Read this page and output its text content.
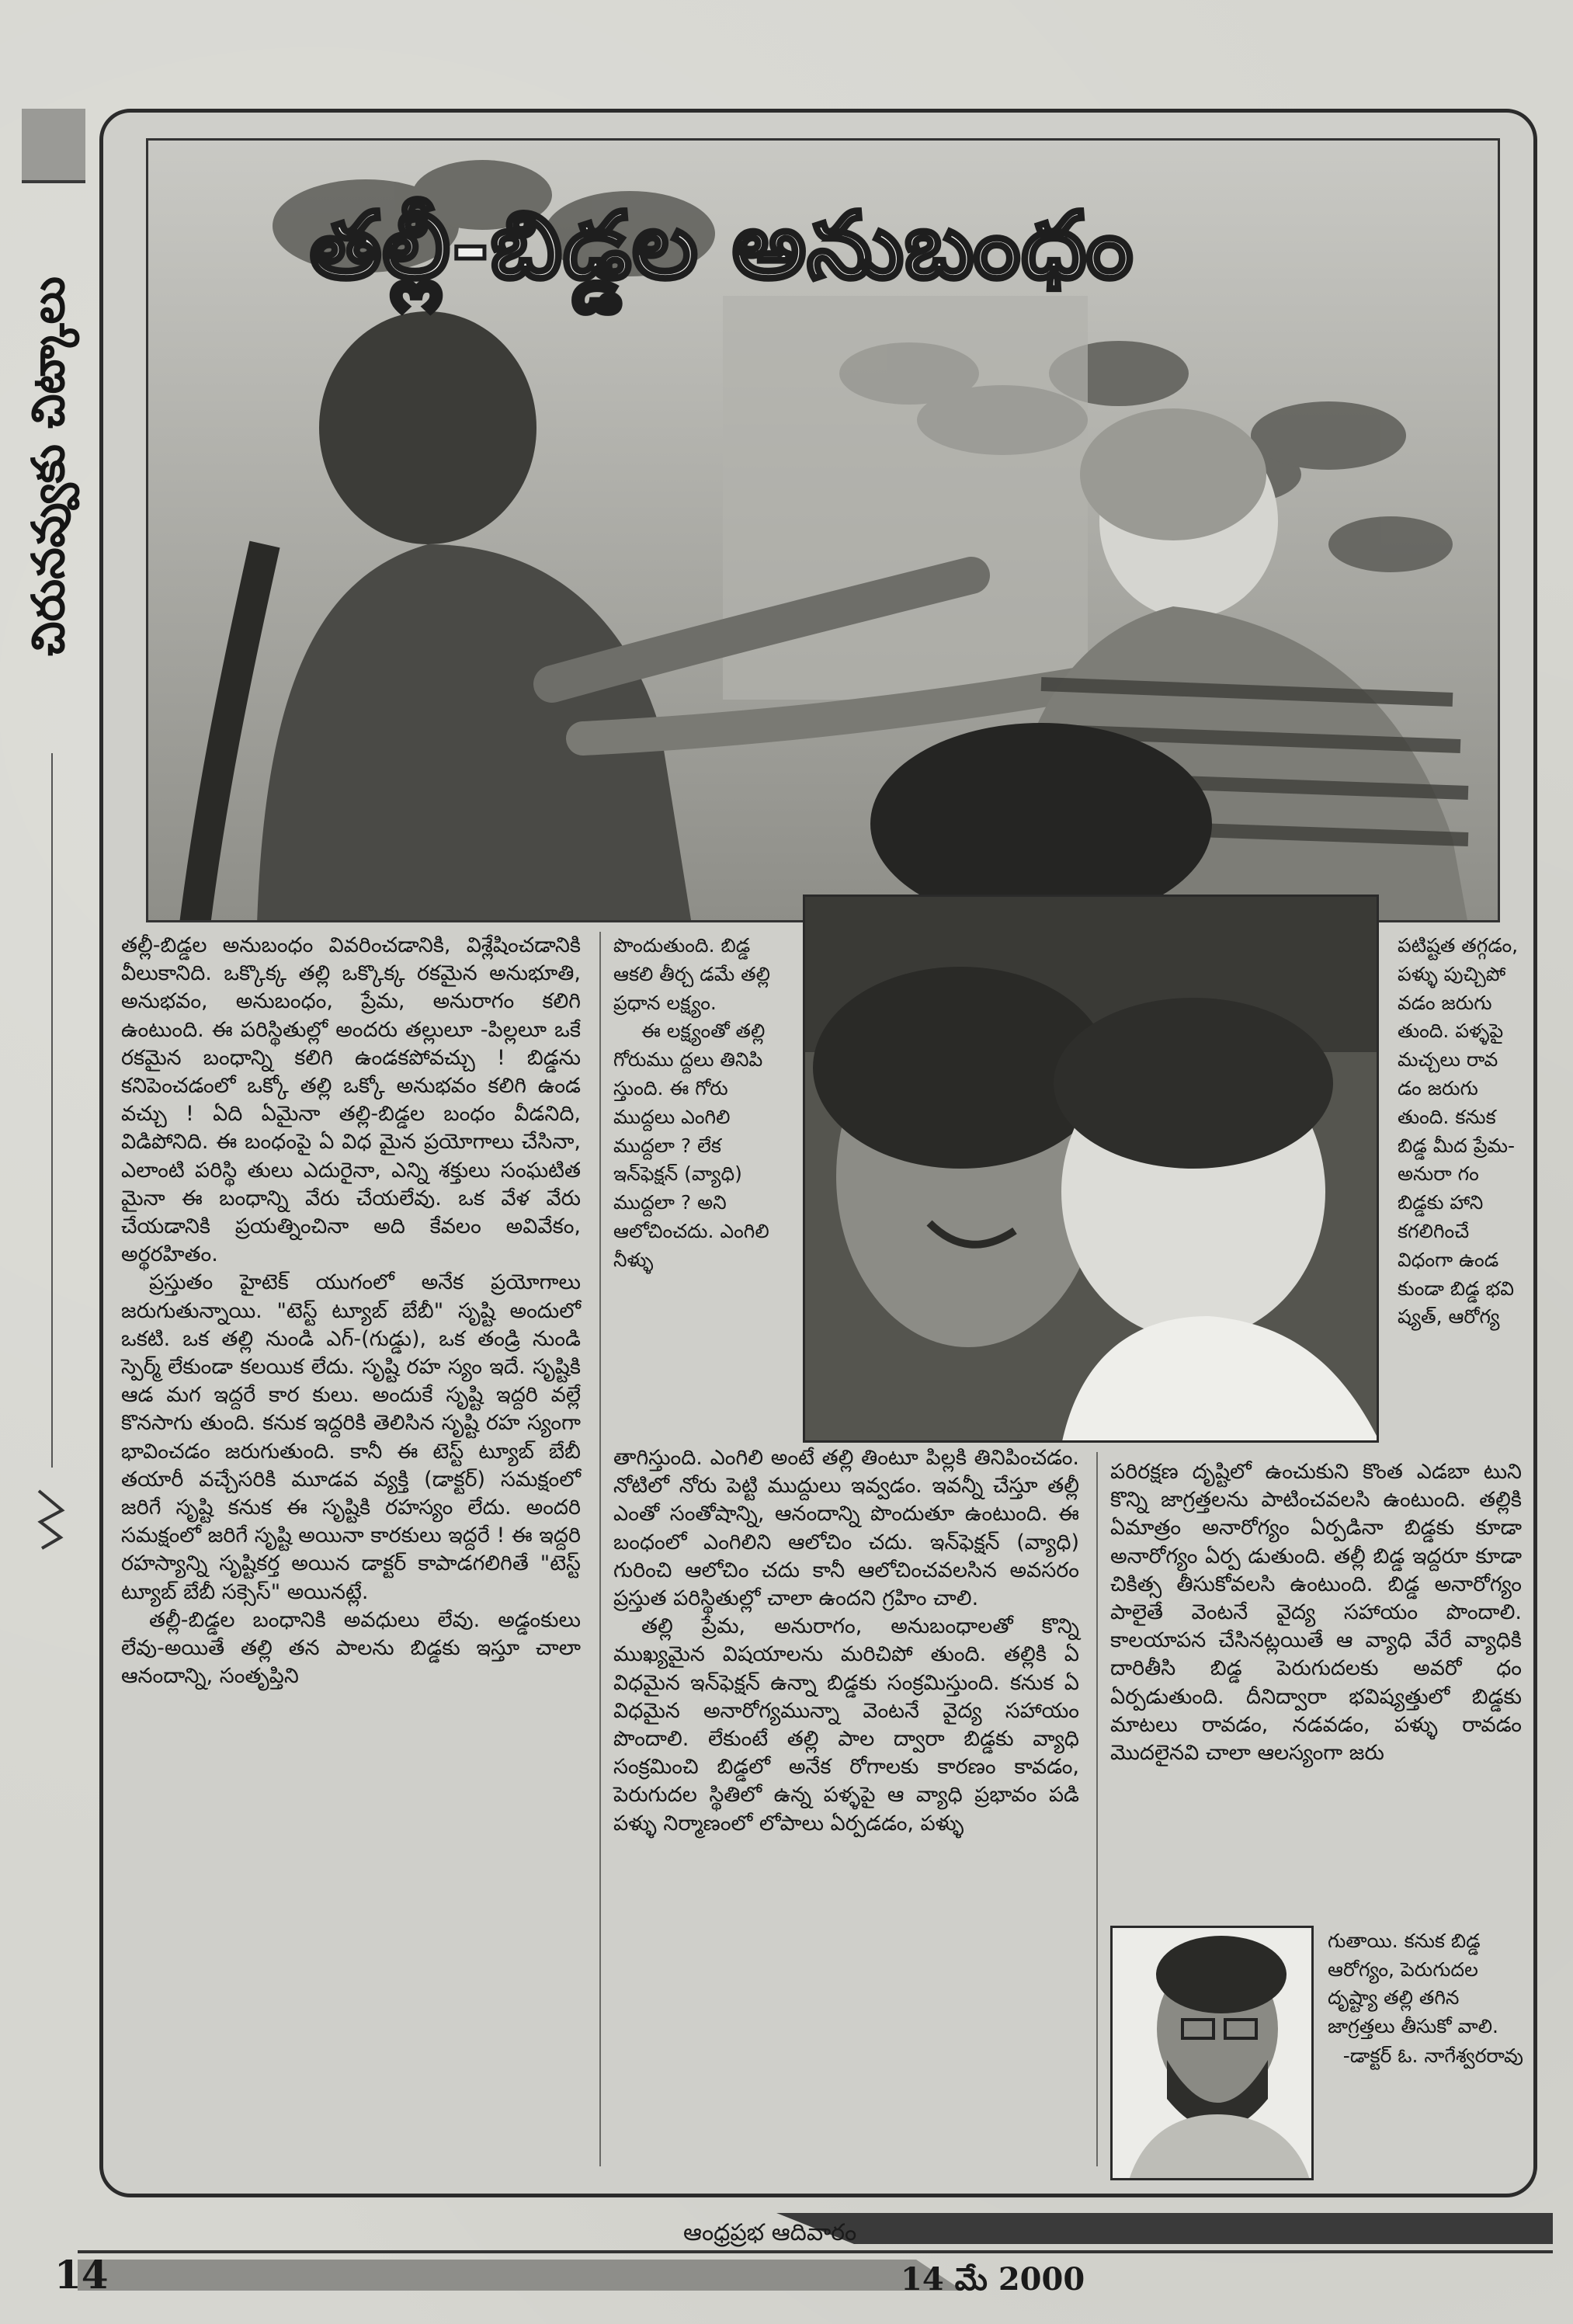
చిరునవ్వుకు చిట్కాలు
తల్లీ-బిడ్డల అనుబంధం

తల్లీ-బిడ్డల అనుబంధం వివరించడానికి, విశ్లేషించడానికి వీలుకానిది. ఒక్కొక్క తల్లి ఒక్కొక్క రకమైన అనుభూతి, అనుభవం, అనుబంధం, ప్రేమ, అనురాగం కలిగి ఉంటుంది. ఈ పరిస్థితుల్లో అందరు తల్లులూ -పిల్లలూ ఒకే రకమైన బంధాన్ని కలిగి ఉండకపోవచ్చు ! బిడ్డను కనిపెంచడంలో ఒక్కో తల్లి ఒక్కో అనుభవం కలిగి ఉండ వచ్చు ! ఏది ఏమైనా తల్లి-బిడ్డల బంధం వీడనిది, విడిపోనిది. ఈ బంధంపై ఏ విధ మైన ప్రయోగాలు చేసినా, ఎలాంటి పరిస్థి తులు ఎదురైనా, ఎన్ని శక్తులు సంఘటిత మైనా ఈ బంధాన్ని వేరు చేయలేవు. ఒక వేళ వేరు చేయడానికి ప్రయత్నించినా అది కేవలం అవివేకం, అర్థరహితం.

ప్రస్తుతం హైటెక్ యుగంలో అనేక ప్రయోగాలు జరుగుతున్నాయి. "టెస్ట్ ట్యూబ్ బేబీ" సృష్టి అందులో ఒకటి. ఒక తల్లి నుండి ఎగ్-(గుడ్డు), ఒక తండ్రి నుండి స్పెర్మ్ లేకుండా కలయిక లేదు. సృష్టి రహ స్యం ఇదే. సృష్టికి ఆడ మగ ఇద్దరే కార కులు. అందుకే సృష్టి ఇద్దరి వల్లే కొనసాగు తుంది. కనుక ఇద్దరికి తెలిసిన సృష్టి రహ స్యంగా భావించడం జరుగుతుంది. కానీ ఈ టెస్ట్ ట్యూబ్ బేబీ తయారీ వచ్చేసరికి మూడవ వ్యక్తి (డాక్టర్) సమక్షంలో జరిగే సృష్టి కనుక ఈ సృష్టికి రహస్యం లేదు. అందరి సమక్షంలో జరిగే సృష్టి అయినా కారకులు ఇద్దరే ! ఈ ఇద్దరి రహస్యాన్ని సృష్టికర్త అయిన డాక్టర్ కాపాడగలిగితే "టెస్ట్ ట్యూబ్ బేబీ సక్సెస్" అయినట్లే.

తల్లీ-బిడ్డల బంధానికి అవధులు లేవు. అడ్డంకులు లేవు-అయితే తల్లి తన పాలను బిడ్డకు ఇస్తూ చాలా ఆనందాన్ని, సంతృప్తిని

పొందుతుంది. బిడ్డ ఆకలి తీర్చ డమే తల్లి ప్రధాన లక్ష్యం.

ఈ లక్ష్యంతో తల్లి గోరుము ద్దలు తినిపి స్తుంది. ఈ గోరు ముద్దలు ఎంగిలి ముద్దలా ? లేక ఇన్‌ఫెక్షన్ (వ్యాధి) ముద్దలా ? అని ఆలోచించదు. ఎంగిలి నీళ్ళు

తాగిస్తుంది. ఎంగిలి అంటే తల్లి తింటూ పిల్లకి తినిపించడం. నోటిలో నోరు పెట్టి ముద్దులు ఇవ్వడం. ఇవన్నీ చేస్తూ తల్లీ ఎంతో సంతోషాన్ని, ఆనందాన్ని పొందుతూ ఉంటుంది. ఈ బంధంలో ఎంగిలిని ఆలోచిం చదు. ఇన్‌ఫెక్షన్ (వ్యాధి) గురించి ఆలోచిం చదు కానీ ఆలోచించవలసిన అవసరం ప్రస్తుత పరిస్థితుల్లో చాలా ఉందని గ్రహిం చాలి.

తల్లి ప్రేమ, అనురాగం, అనుబంధాలతో కొన్ని ముఖ్యమైన విషయాలను మరిచిపో తుంది. తల్లికి ఏ విధమైన ఇన్‌ఫెక్షన్ ఉన్నా బిడ్డకు సంక్రమిస్తుంది. కనుక ఏ విధమైన అనారోగ్యమున్నా వెంటనే వైద్య సహాయం పొందాలి. లేకుంటే తల్లి పాల ద్వారా బిడ్డకు వ్యాధి సంక్రమించి బిడ్డలో అనేక రోగాలకు కారణం కావడం, పెరుగుదల స్థితిలో ఉన్న పళ్ళపై ఆ వ్యాధి ప్రభావం పడి పళ్ళు నిర్మాణంలో లోపాలు ఏర్పడడం, పళ్ళు

పటిష్టత తగ్గడం, పళ్ళు పుచ్చిపో వడం జరుగు తుంది. పళ్ళపై మచ్చలు రావ డం జరుగు తుంది. కనుక బిడ్డ మీద ప్రేమ-అనురా గం బిడ్డకు హాని కగలిగించే విధంగా ఉండ కుండా బిడ్డ భవి ష్యత్, ఆరోగ్య

పరిరక్షణ దృష్టిలో ఉంచుకుని కొంత ఎడబా టుని కొన్ని జాగ్రత్తలను పాటించవలసి ఉంటుంది. తల్లికి ఏమాత్రం అనారోగ్యం ఏర్పడినా బిడ్డకు కూడా అనారోగ్యం ఏర్ప డుతుంది. తల్లీ బిడ్డ ఇద్దరూ కూడా చికిత్స తీసుకోవలసి ఉంటుంది. బిడ్డ అనారోగ్యం పాలైతే వెంటనే వైద్య సహాయం పొందాలి. కాలయాపన చేసినట్లయితే ఆ వ్యాధి వేరే వ్యాధికి దారితీసి బిడ్డ పెరుగుదలకు అవరో ధం ఏర్పడుతుంది. దీనిద్వారా భవిష్యత్తులో బిడ్డకు మాటలు రావడం, నడవడం, పళ్ళు రావడం మొదలైనవి చాలా ఆలస్యంగా జరు

గుతాయి. కనుక బిడ్డ ఆరోగ్యం, పెరుగుదల దృష్ట్యా తల్లి తగిన జాగ్రత్తలు తీసుకో వాలి.

-డాక్టర్ ఓ. నాగేశ్వరరావు
14
ఆంధ్రప్రభ ఆదివారం
14 మే 2000
